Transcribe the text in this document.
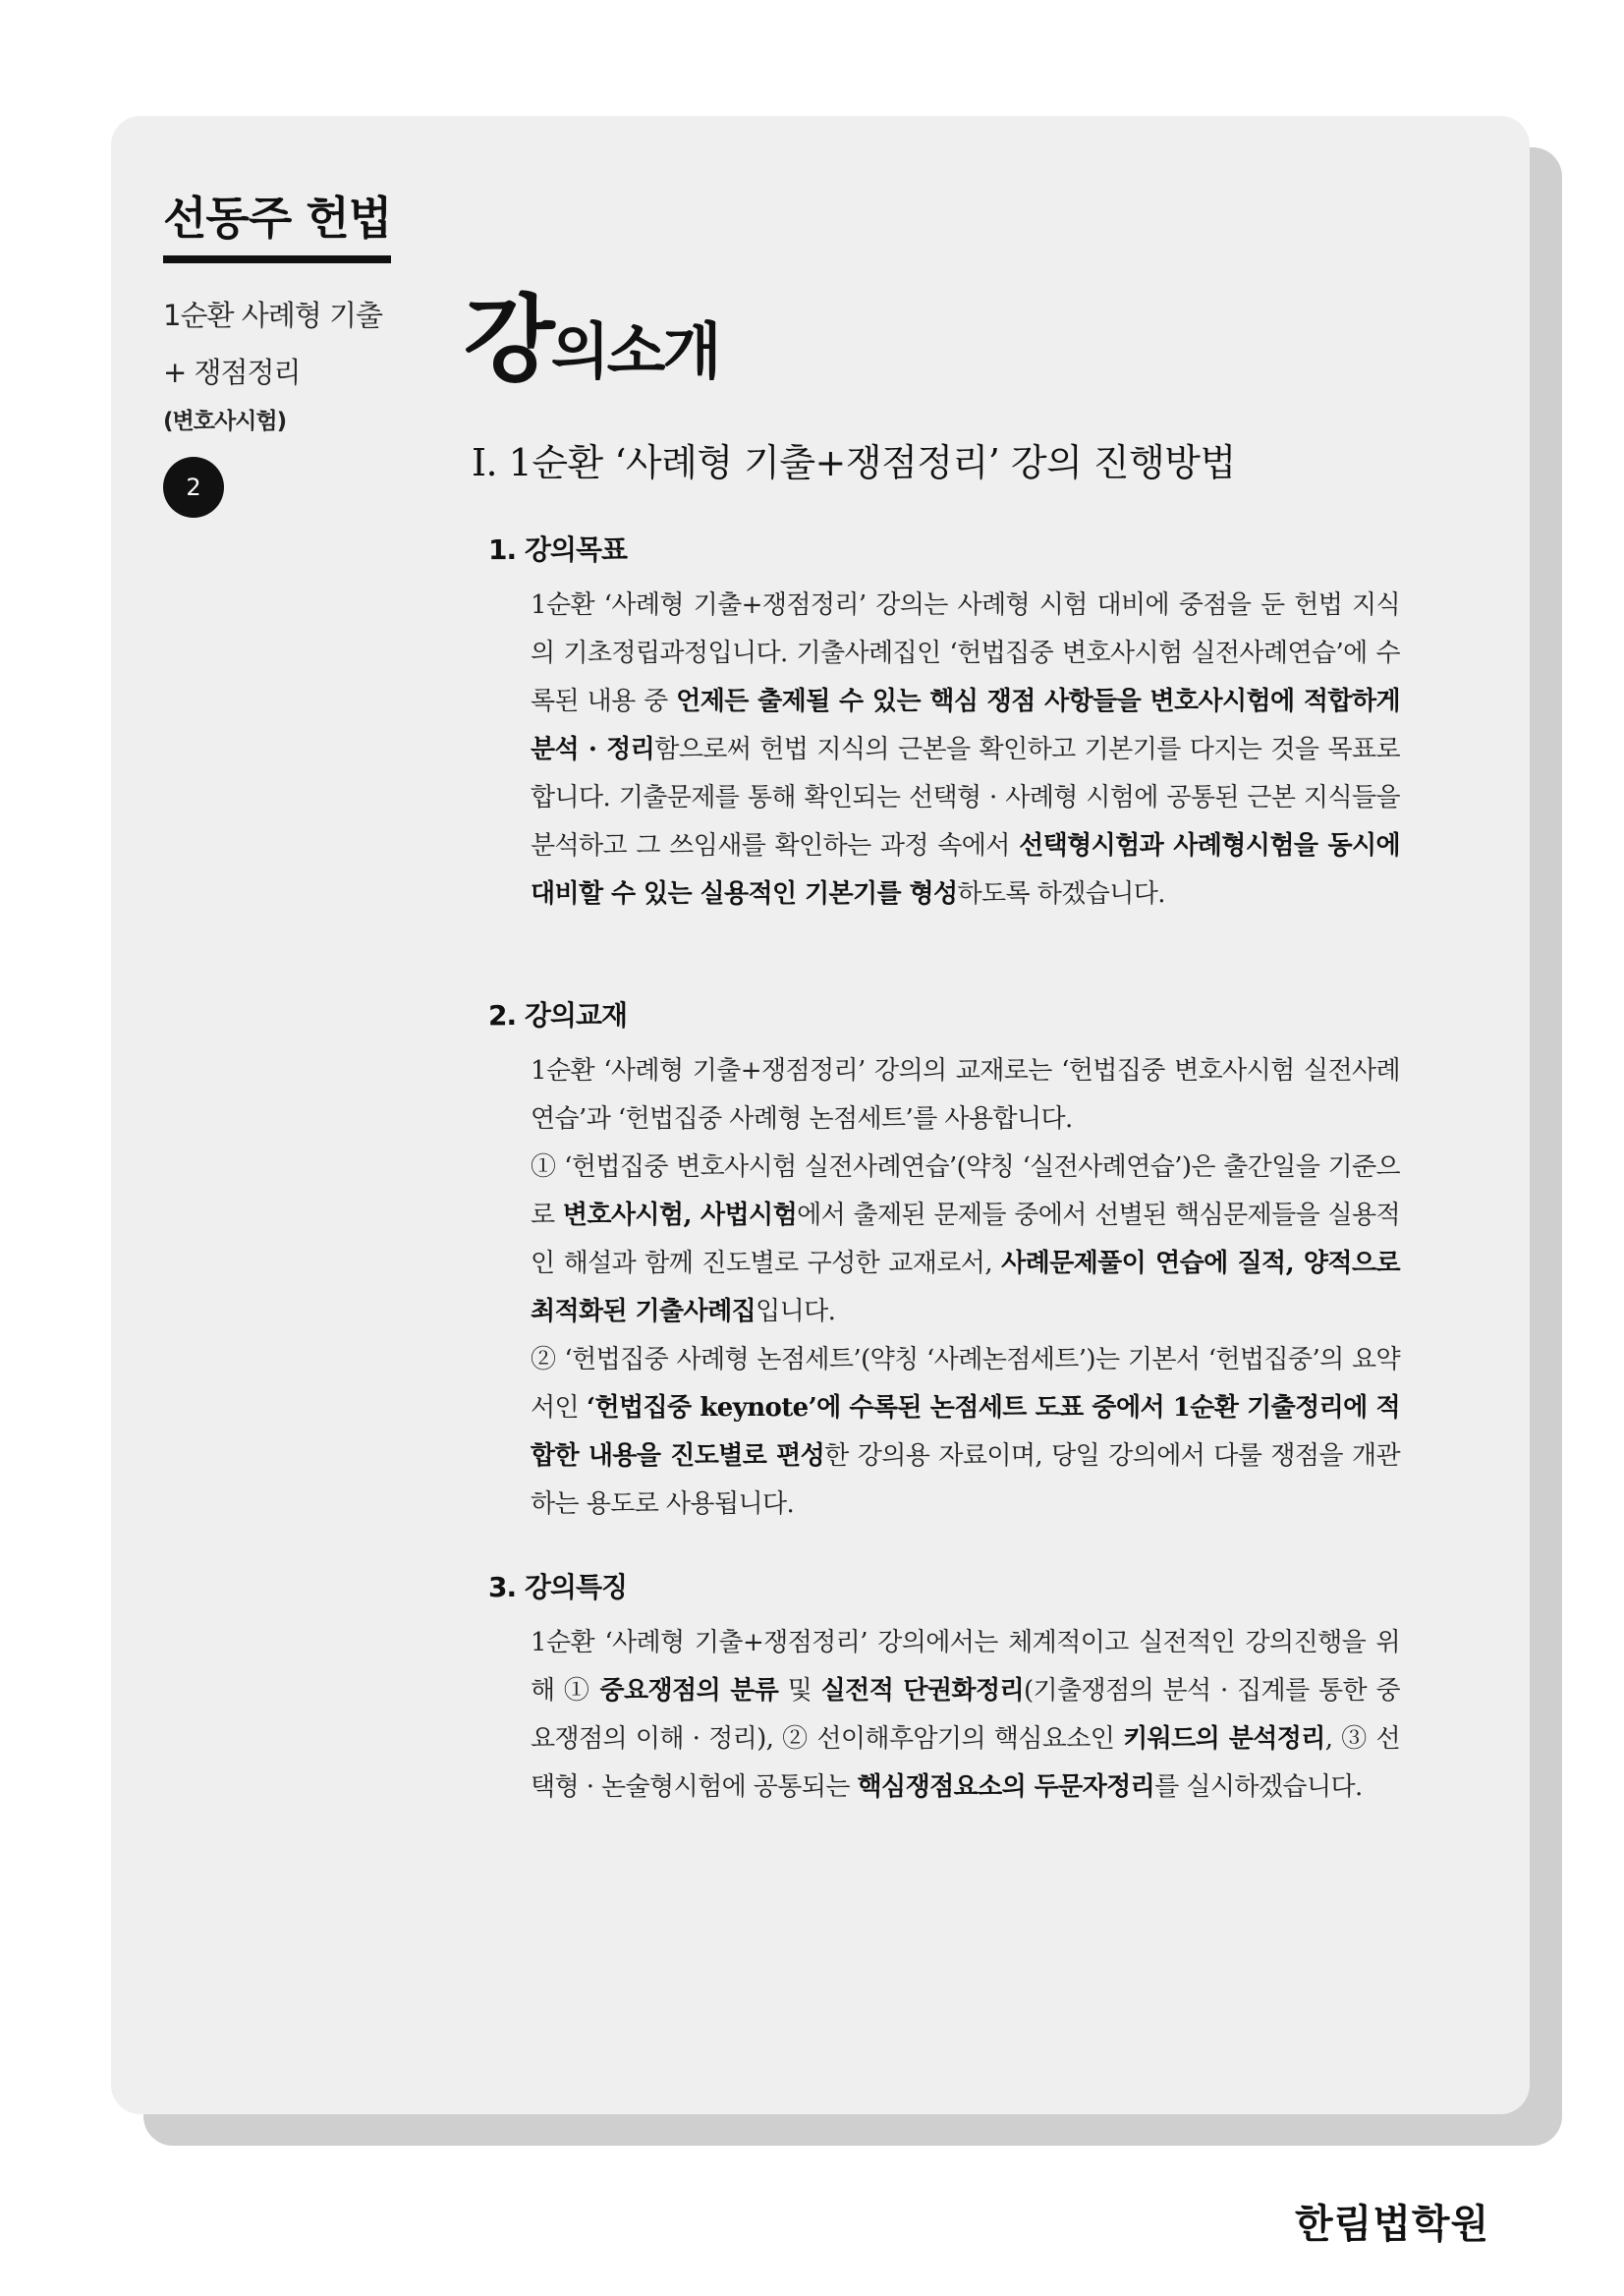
선동주 헌법
1순환 사례형 기출
+ 쟁점정리
(변호사시험)
2
강의소개
Ⅰ. 1순환 ‘사례형 기출+쟁점정리’ 강의 진행방법
1. 강의목표
1순환 ‘사례형 기출+쟁점정리’ 강의는 사례형 시험 대비에 중점을 둔 헌법 지식의 기초정립과정입니다. 기출사례집인 ‘헌법집중 변호사시험 실전사례연습’에 수록된 내용 중 언제든 출제될 수 있는 핵심 쟁점 사항들을 변호사시험에 적합하게 분석 · 정리함으로써 헌법 지식의 근본을 확인하고 기본기를 다지는 것을 목표로 합니다. 기출문제를 통해 확인되는 선택형 · 사례형 시험에 공통된 근본 지식들을 분석하고 그 쓰임새를 확인하는 과정 속에서 선택형시험과 사례형시험을 동시에 대비할 수 있는 실용적인 기본기를 형성하도록 하겠습니다.
2. 강의교재
1순환 ‘사례형 기출+쟁점정리’ 강의의 교재로는 ‘헌법집중 변호사시험 실전사례연습’과 ‘헌법집중 사례형 논점세트’를 사용합니다.
① ‘헌법집중 변호사시험 실전사례연습’(약칭 ‘실전사례연습’)은 출간일을 기준으로 변호사시험, 사법시험에서 출제된 문제들 중에서 선별된 핵심문제들을 실용적인 해설과 함께 진도별로 구성한 교재로서, 사례문제풀이 연습에 질적, 양적으로 최적화된 기출사례집입니다.
② ‘헌법집중 사례형 논점세트’(약칭 ‘사례논점세트’)는 기본서 ‘헌법집중’의 요약서인 ‘헌법집중 keynote’에 수록된 논점세트 도표 중에서 1순환 기출정리에 적합한 내용을 진도별로 편성한 강의용 자료이며, 당일 강의에서 다룰 쟁점을 개관하는 용도로 사용됩니다.
3. 강의특징
1순환 ‘사례형 기출+쟁점정리’ 강의에서는 체계적이고 실전적인 강의진행을 위해 ① 중요쟁점의 분류 및 실전적 단권화정리(기출쟁점의 분석 · 집계를 통한 중요쟁점의 이해 · 정리), ② 선이해후암기의 핵심요소인 키워드의 분석정리, ③ 선택형 · 논술형시험에 공통되는 핵심쟁점요소의 두문자정리를 실시하겠습니다.
한림법학원
